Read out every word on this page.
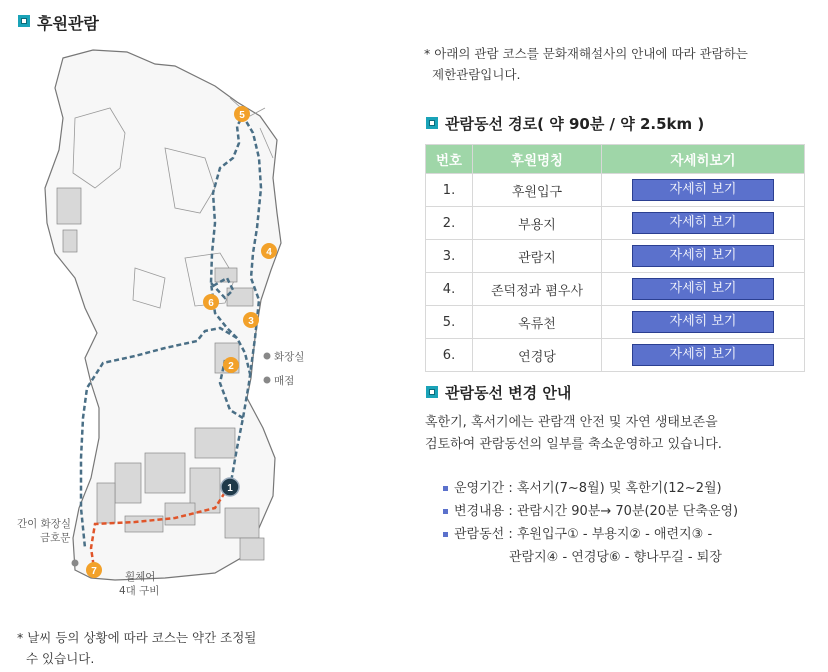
후원관람
5
4
6
3
2
1
7
화장실
매점
간이 화장실
금호문
휠체어
4대 구비
* 날씨 등의 상황에 따라 코스는 약간 조정될
수 있습니다.
* 아래의 관람 코스를 문화재해설사의 안내에 따라 관람하는
제한관람입니다.
관람동선 경로( 약 90분 / 약 2.5km )
번호	후원명칭	자세히보기
1.	후원입구	자세히 보기
2.	부용지	자세히 보기
3.	관람지	자세히 보기
4.	존덕정과 폄우사	자세히 보기
5.	옥류천	자세히 보기
6.	연경당	자세히 보기
관람동선 변경 안내
혹한기, 혹서기에는 관람객 안전 및 자연 생태보존을
검토하여 관람동선의 일부를 축소운영하고 있습니다.
운영기간 : 혹서기(7~8월) 및 혹한기(12~2월)
변경내용 : 관람시간 90분→ 70분(20분 단축운영)
관람동선 : 후원입구① - 부용지② - 애련지③ -
관람지④ - 연경당⑥ - 향나무길 - 퇴장
